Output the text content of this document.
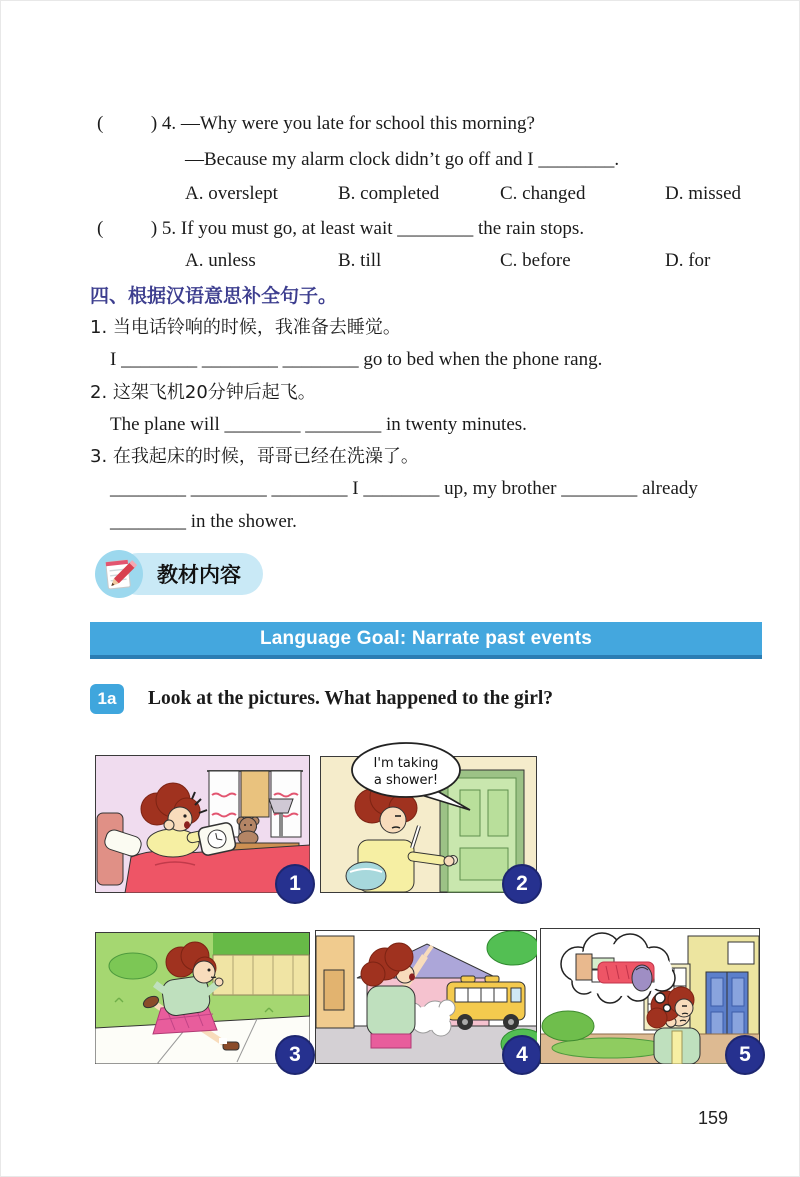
(          ) 4. —Why were you late for school this morning?
—Because my alarm clock didn’t go off and I ________.
A. overslept	B. completed	C. changed	D. missed
(          ) 5. If you must go, at least wait ________ the rain stops.
A. unless	B. till	C. before	D. for
四、根据汉语意思补全句子。
1. 当电话铃响的时候，我准备去睡觉。
I ________ ________ ________ go to bed when the phone rang.
2. 这架飞机20分钟后起飞。
The plane will ________ ________ in twenty minutes.
3. 在我起床的时候，哥哥已经在洗澡了。
________ ________ ________ I ________ up, my brother ________ already
________ in the shower.
教材内容
Language Goal: Narrate past events
1a	Look at the pictures. What happened to the girl?
1
I'm taking
a shower!
2
3	4	5
159
